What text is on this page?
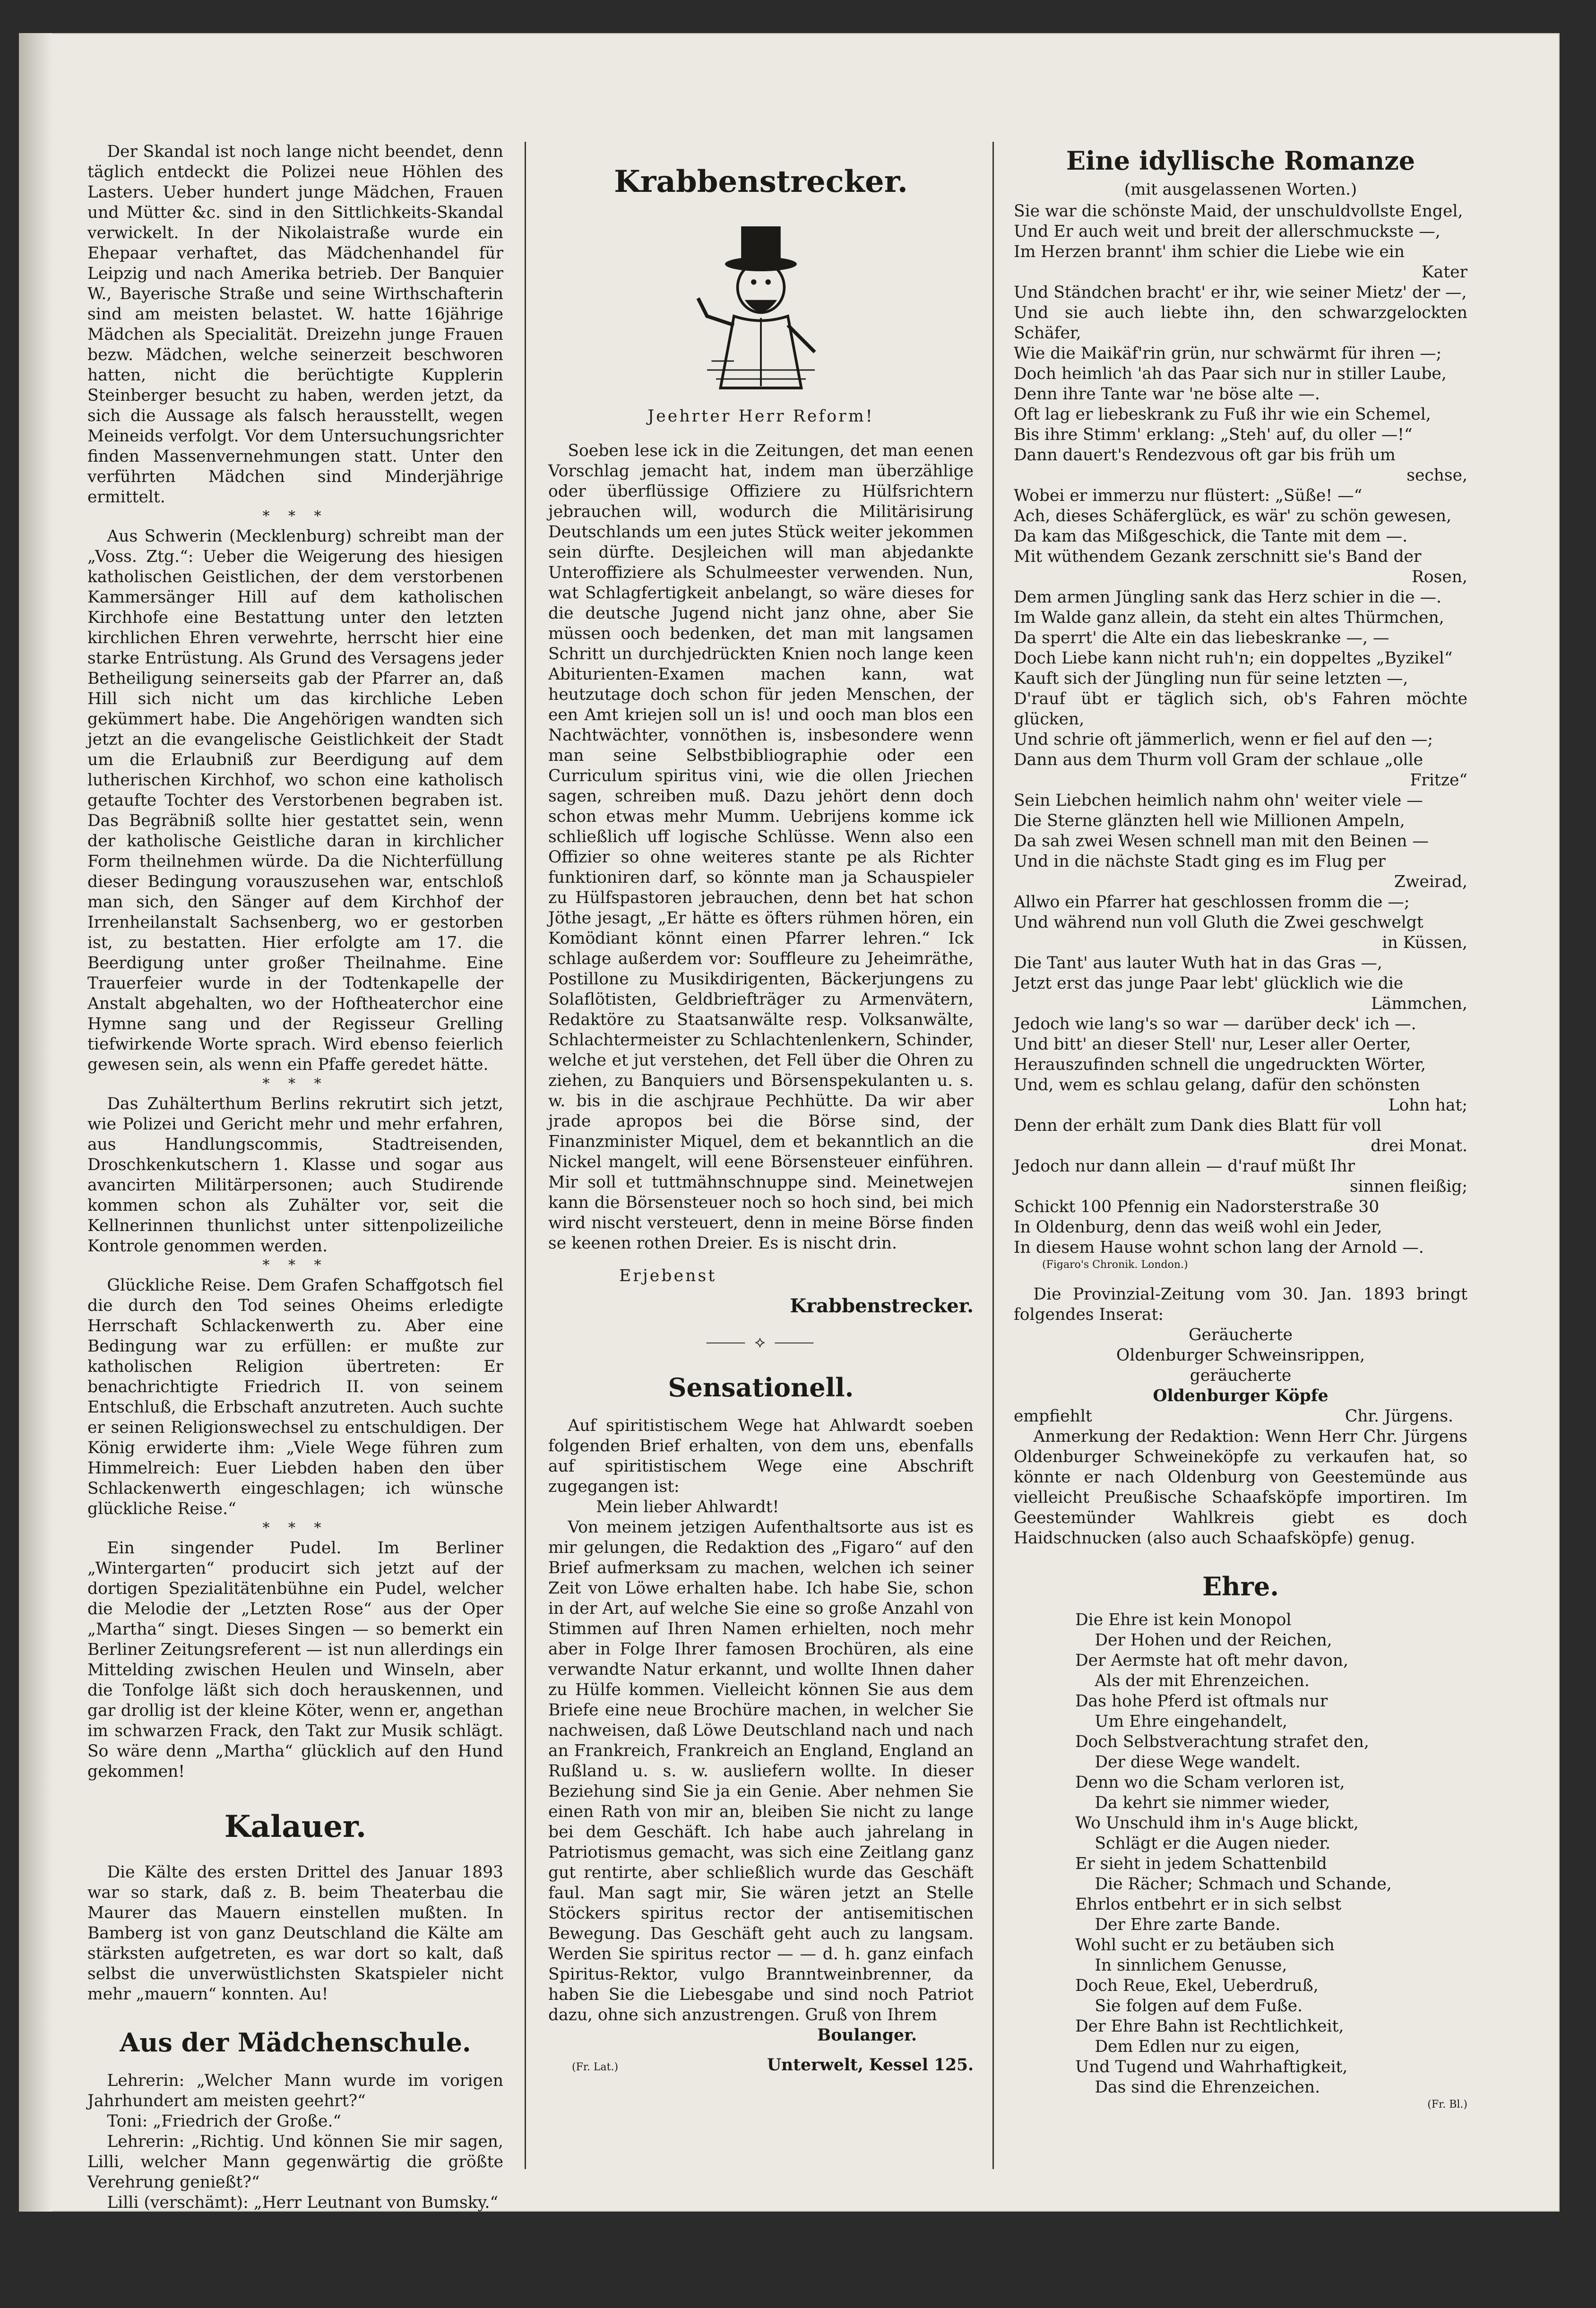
Der Skandal ist noch lange nicht beendet, denn täglich entdeckt die Polizei neue Höhlen des Lasters. Ueber hundert junge Mädchen, Frauen und Mütter &c. sind in den Sittlichkeits-Skandal verwickelt. In der Nikolaistraße wurde ein Ehepaar verhaftet, das Mädchenhandel für Leipzig und nach Amerika betrieb. Der Banquier W., Bayerische Straße und seine Wirthschafterin sind am meisten belastet. W. hatte 16jährige Mädchen als Specialität. Dreizehn junge Frauen bezw. Mädchen, welche seinerzeit beschworen hatten, nicht die berüchtigte Kupplerin Steinberger besucht zu haben, werden jetzt, da sich die Aussage als falsch herausstellt, wegen Meineids verfolgt. Vor dem Untersuchungsrichter finden Massenvernehmungen statt. Unter den verführten Mädchen sind Minderjährige ermittelt.

* * *

Aus Schwerin (Mecklenburg) schreibt man der „Voss. Ztg.“: Ueber die Weigerung des hiesigen katholischen Geistlichen, der dem verstorbenen Kammersänger Hill auf dem katholischen Kirchhofe eine Bestattung unter den letzten kirchlichen Ehren verwehrte, herrscht hier eine starke Entrüstung. Als Grund des Versagens jeder Betheiligung seinerseits gab der Pfarrer an, daß Hill sich nicht um das kirchliche Leben gekümmert habe. Die Angehörigen wandten sich jetzt an die evangelische Geistlichkeit der Stadt um die Erlaubniß zur Beerdigung auf dem lutherischen Kirchhof, wo schon eine katholisch getaufte Tochter des Verstorbenen begraben ist. Das Begräbniß sollte hier gestattet sein, wenn der katholische Geistliche daran in kirchlicher Form theilnehmen würde. Da die Nichterfüllung dieser Bedingung vorauszusehen war, entschloß man sich, den Sänger auf dem Kirchhof der Irrenheilanstalt Sachsenberg, wo er gestorben ist, zu bestatten. Hier erfolgte am 17. die Beerdigung unter großer Theilnahme. Eine Trauerfeier wurde in der Todtenkapelle der Anstalt abgehalten, wo der Hoftheaterchor eine Hymne sang und der Regisseur Grelling tiefwirkende Worte sprach. Wird ebenso feierlich gewesen sein, als wenn ein Pfaffe geredet hätte.

* * *

Das Zuhälterthum Berlins rekrutirt sich jetzt, wie Polizei und Gericht mehr und mehr erfahren, aus Handlungscommis, Stadtreisenden, Droschkenkutschern 1. Klasse und sogar aus avancirten Militärpersonen; auch Studirende kommen schon als Zuhälter vor, seit die Kellnerinnen thunlichst unter sittenpolizeiliche Kontrole genommen werden.

* * *

Glückliche Reise. Dem Grafen Schaffgotsch fiel die durch den Tod seines Oheims erledigte Herrschaft Schlackenwerth zu. Aber eine Bedingung war zu erfüllen: er mußte zur katholischen Religion übertreten: Er benachrichtigte Friedrich II. von seinem Entschluß, die Erbschaft anzutreten. Auch suchte er seinen Religionswechsel zu entschuldigen. Der König erwiderte ihm: „Viele Wege führen zum Himmelreich: Euer Liebden haben den über Schlackenwerth eingeschlagen; ich wünsche glückliche Reise.“

* * *

Ein singender Pudel. Im Berliner „Wintergarten“ producirt sich jetzt auf der dortigen Spezialitätenbühne ein Pudel, welcher die Melodie der „Letzten Rose“ aus der Oper „Martha“ singt. Dieses Singen — so bemerkt ein Berliner Zeitungsreferent — ist nun allerdings ein Mittelding zwischen Heulen und Winseln, aber die Tonfolge läßt sich doch herauskennen, und gar drollig ist der kleine Köter, wenn er, angethan im schwarzen Frack, den Takt zur Musik schlägt. So wäre denn „Martha“ glücklich auf den Hund gekommen!

Kalauer.

Die Kälte des ersten Drittel des Januar 1893 war so stark, daß z. B. beim Theaterbau die Maurer das Mauern einstellen mußten. In Bamberg ist von ganz Deutschland die Kälte am stärksten aufgetreten, es war dort so kalt, daß selbst die unverwüstlichsten Skatspieler nicht mehr „mauern“ konnten. Au!

Aus der Mädchenschule.

Lehrerin: „Welcher Mann wurde im vorigen Jahrhundert am meisten geehrt?“

Toni: „Friedrich der Große.“

Lehrerin: „Richtig. Und können Sie mir sagen, Lilli, welcher Mann gegenwärtig die größte Verehrung genießt?“

Lilli (verschämt): „Herr Leutnant von Bumsky.“

Krabbenstrecker.

Jeehrter Herr Reform!

Soeben lese ick in die Zeitungen, det man eenen Vorschlag jemacht hat, indem man überzählige oder überflüssige Offiziere zu Hülfsrichtern jebrauchen will, wodurch die Militärisirung Deutschlands um een jutes Stück weiter jekommen sein dürfte. Desjleichen will man abjedankte Unteroffiziere als Schulmeester verwenden. Nun, wat Schlagfertigkeit anbelangt, so wäre dieses for die deutsche Jugend nicht janz ohne, aber Sie müssen ooch bedenken, det man mit langsamen Schritt un durchjedrückten Knien noch lange keen Abiturienten-Examen machen kann, wat heutzutage doch schon für jeden Menschen, der een Amt kriejen soll un is! und ooch man blos een Nachtwächter, vonnöthen is, insbesondere wenn man seine Selbstbibliographie oder een Curriculum spiritus vini, wie die ollen Jriechen sagen, schreiben muß. Dazu jehört denn doch schon etwas mehr Mumm. Uebrijens komme ick schließlich uff logische Schlüsse. Wenn also een Offizier so ohne weiteres stante pe als Richter funktioniren darf, so könnte man ja Schauspieler zu Hülfspastoren jebrauchen, denn bet hat schon Jöthe jesagt, „Er hätte es öfters rühmen hören, ein Komödiant könnt einen Pfarrer lehren.“ Ick schlage außerdem vor: Souffleure zu Jeheimräthe, Postillone zu Musikdirigenten, Bäckerjungens zu Solaflötisten, Geldbriefträger zu Armenvätern, Redaktöre zu Staatsanwälte resp. Volksanwälte, Schlachtermeister zu Schlachtenlenkern, Schinder, welche et jut verstehen, det Fell über die Ohren zu ziehen, zu Banquiers und Börsenspekulanten u. s. w. bis in die aschjraue Pechhütte. Da wir aber jrade apropos bei die Börse sind, der Finanzminister Miquel, dem et bekanntlich an die Nickel mangelt, will eene Börsensteuer einführen. Mir soll et tuttmähnschnuppe sind. Meinetwejen kann die Börsensteuer noch so hoch sind, bei mich wird nischt versteuert, denn in meine Börse finden se keenen rothen Dreier. Es is nischt drin.

Erjebenst

Krabbenstrecker.

⸻ ⟡ ⸻
Sensationell.

Auf spiritistischem Wege hat Ahlwardt soeben folgenden Brief erhalten, von dem uns, ebenfalls auf spiritistischem Wege eine Abschrift zugegangen ist:

Mein lieber Ahlwardt!

Von meinem jetzigen Aufenthaltsorte aus ist es mir gelungen, die Redaktion des „Figaro“ auf den Brief aufmerksam zu machen, welchen ich seiner Zeit von Löwe erhalten habe. Ich habe Sie, schon in der Art, auf welche Sie eine so große Anzahl von Stimmen auf Ihren Namen erhielten, noch mehr aber in Folge Ihrer famosen Brochüren, als eine verwandte Natur erkannt, und wollte Ihnen daher zu Hülfe kommen. Vielleicht können Sie aus dem Briefe eine neue Brochüre machen, in welcher Sie nachweisen, daß Löwe Deutschland nach und nach an Frankreich, Frankreich an England, England an Rußland u. s. w. ausliefern wollte. In dieser Beziehung sind Sie ja ein Genie. Aber nehmen Sie einen Rath von mir an, bleiben Sie nicht zu lange bei dem Geschäft. Ich habe auch jahrelang in Patriotismus gemacht, was sich eine Zeitlang ganz gut rentirte, aber schließlich wurde das Geschäft faul. Man sagt mir, Sie wären jetzt an Stelle Stöckers spiritus rector der antisemitischen Bewegung. Das Geschäft geht auch zu langsam. Werden Sie spiritus rector — — d. h. ganz einfach Spiritus-Rektor, vulgo Branntweinbrenner, da haben Sie die Liebesgabe und sind noch Patriot dazu, ohne sich anzustrengen. Gruß von Ihrem

Boulanger.

(Fr. Lat.)	Unterwelt, Kessel 125.
Eine idyllische Romanze
(mit ausgelassenen Worten.)

Sie war die schönste Maid, der unschuldvollste Engel,

Und Er auch weit und breit der allerschmuckste —,

Im Herzen brannt' ihm schier die Liebe wie ein

Kater

Und Ständchen bracht' er ihr, wie seiner Mietz' der —,

Und sie auch liebte ihn, den schwarzgelockten Schäfer,

Wie die Maikäf'rin grün, nur schwärmt für ihren —;

Doch heimlich 'ah das Paar sich nur in stiller Laube,

Denn ihre Tante war 'ne böse alte —.

Oft lag er liebeskrank zu Fuß ihr wie ein Schemel,

Bis ihre Stimm' erklang: „Steh' auf, du oller —!“

Dann dauert's Rendezvous oft gar bis früh um

sechse,

Wobei er immerzu nur flüstert: „Süße! —“

Ach, dieses Schäferglück, es wär' zu schön gewesen,

Da kam das Mißgeschick, die Tante mit dem —.

Mit wüthendem Gezank zerschnitt sie's Band der

Rosen,

Dem armen Jüngling sank das Herz schier in die —.

Im Walde ganz allein, da steht ein altes Thürmchen,

Da sperrt' die Alte ein das liebeskranke —, —

Doch Liebe kann nicht ruh'n; ein doppeltes „Byzikel“

Kauft sich der Jüngling nun für seine letzten —,

D'rauf übt er täglich sich, ob's Fahren möchte glücken,

Und schrie oft jämmerlich, wenn er fiel auf den —;

Dann aus dem Thurm voll Gram der schlaue „olle

Fritze“

Sein Liebchen heimlich nahm ohn' weiter viele —

Die Sterne glänzten hell wie Millionen Ampeln,

Da sah zwei Wesen schnell man mit den Beinen —

Und in die nächste Stadt ging es im Flug per

Zweirad,

Allwo ein Pfarrer hat geschlossen fromm die —;

Und während nun voll Gluth die Zwei geschwelgt

in Küssen,

Die Tant' aus lauter Wuth hat in das Gras —,

Jetzt erst das junge Paar lebt' glücklich wie die

Lämmchen,

Jedoch wie lang's so war — darüber deck' ich —.

Und bitt' an dieser Stell' nur, Leser aller Oerter,

Herauszufinden schnell die ungedruckten Wörter,

Und, wem es schlau gelang, dafür den schönsten

Lohn hat;

Denn der erhält zum Dank dies Blatt für voll

drei Monat.

Jedoch nur dann allein — d'rauf müßt Ihr

sinnen fleißig;

Schickt 100 Pfennig ein Nadorsterstraße 30

In Oldenburg, denn das weiß wohl ein Jeder,

In diesem Hause wohnt schon lang der Arnold —.

(Figaro's Chronik. London.)

Die Provinzial-Zeitung vom 30. Jan. 1893 bringt folgendes Inserat:

Geräucherte

Oldenburger Schweinsrippen,

geräucherte

Oldenburger Köpfe

empfiehlt	Chr. Jürgens.

Anmerkung der Redaktion: Wenn Herr Chr. Jürgens Oldenburger Schweineköpfe zu verkaufen hat, so könnte er nach Oldenburg von Geestemünde aus vielleicht Preußische Schaafsköpfe importiren. Im Geestemünder Wahlkreis giebt es doch Haidschnucken (also auch Schaafsköpfe) genug.

Ehre.

Die Ehre ist kein Monopol

Der Hohen und der Reichen,

Der Aermste hat oft mehr davon,

Als der mit Ehrenzeichen.

Das hohe Pferd ist oftmals nur

Um Ehre eingehandelt,

Doch Selbstverachtung strafet den,

Der diese Wege wandelt.

Denn wo die Scham verloren ist,

Da kehrt sie nimmer wieder,

Wo Unschuld ihm in's Auge blickt,

Schlägt er die Augen nieder.

Er sieht in jedem Schattenbild

Die Rächer; Schmach und Schande,

Ehrlos entbehrt er in sich selbst

Der Ehre zarte Bande.

Wohl sucht er zu betäuben sich

In sinnlichem Genusse,

Doch Reue, Ekel, Ueberdruß,

Sie folgen auf dem Fuße.

Der Ehre Bahn ist Rechtlichkeit,

Dem Edlen nur zu eigen,

Und Tugend und Wahrhaftigkeit,

Das sind die Ehrenzeichen.

(Fr. Bl.)
